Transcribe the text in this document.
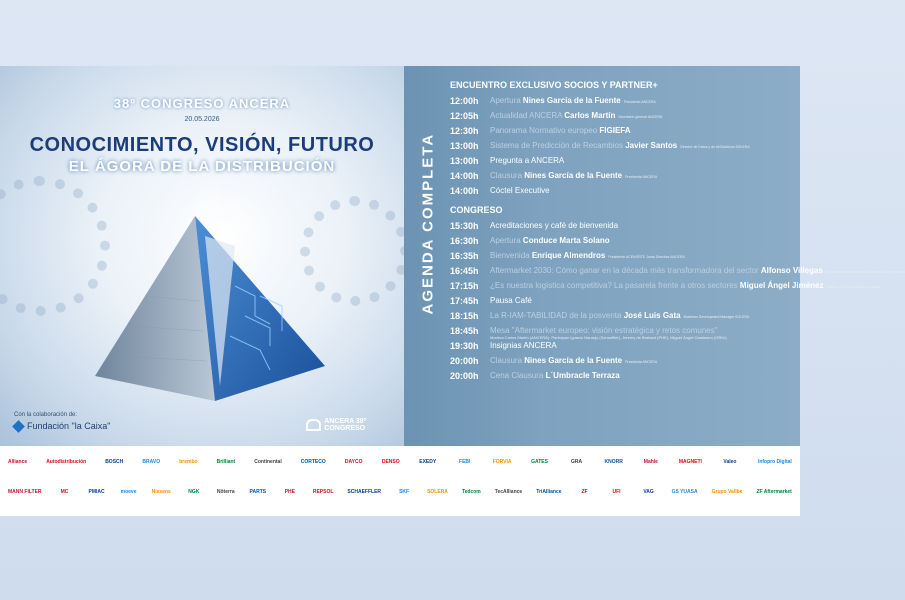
38º CONGRESO ANCERA
20.05.2026
CONOCIMIENTO, VISIÓN, FUTURO
EL ÁGORA DE LA DISTRIBUCIÓN
Con la colaboración de:
Fundación "la Caixa"	ANCERA 38º CONGRESO
AGENDA COMPLETA
ENCUENTRO EXCLUSIVO SOCIOS Y PARTNER+
12:00h	Apertura Nines García de la Fuente Presidenta ANCERA
12:05h	Actualidad ANCERA Carlos Martín Secretario general ANCERA
12:30h	Panorama Normativo europeo FIGIEFA
13:00h	Sistema de Predicción de Recambios Javier Santos Director de Datos y de AI/Solutions SOLERA
13:00h	Pregunta a ANCERA
14:00h	Clausura Nines García de la Fuente Presidenta ANCERA
14:00h	Cóctel Executive
CONGRESO
15:30h	Acreditaciones y café de bienvenida
16:30h	Apertura Conduce Marta Solano
16:35h	Bienvenida Enrique Almendros Presidente ACENORTE Junta Directiva ANCERA
16:45h	Aftermarket 2030: Cómo ganar en la década más transformadora del sector Alfonso Villegas Executive Director Simon & Handy Trading Limited
17:15h	¿Es nuestra logística competitiva? La pasarela frente a otros sectores Miguel Ángel Jiménez Director ONI Consultoría Logística
17:45h	Pausa Café
18:15h	La R-IAM-TABILIDAD de la posventa José Luis Gata Business Development Manager SOLERA
18:45h	Mesa "Aftermarket europeo: visión estratégica y retos comunes"
Modera Carlos Martín (ANCERA). Participan Ignacio Naranjo (Schaeffler), Jeremy de Brabant (PHE), Miguel Ángel Castanero (GRIU)
19:30h	Insignias ANCERA
20:00h	Clausura Nines García de la Fuente Presidenta ANCERA
20:00h	Cena Clausura L´Umbracle Terraza
Alliance	Autodistribución	BOSCH	BRAVO	brembo	Brilliant	Continental	CORTECO	DAYCO	DENSO	EXEDY	FEBI	FORVIA	GATES	GRA	KNORR	Mahle	MAGNETI	Valeo	Infopro Digital
MANN FILTER	MC	PMIAC	moeve	Nissens	NGK	Nöterra	PARTS	PHE	REPSOL	SCHAEFFLER	SKF	SOLERA	Tedcom	TecAlliance	TriAlliance	ZF	UFI	VAG	GS YUASA	Grupo Vallbe	ZF Aftermarket
